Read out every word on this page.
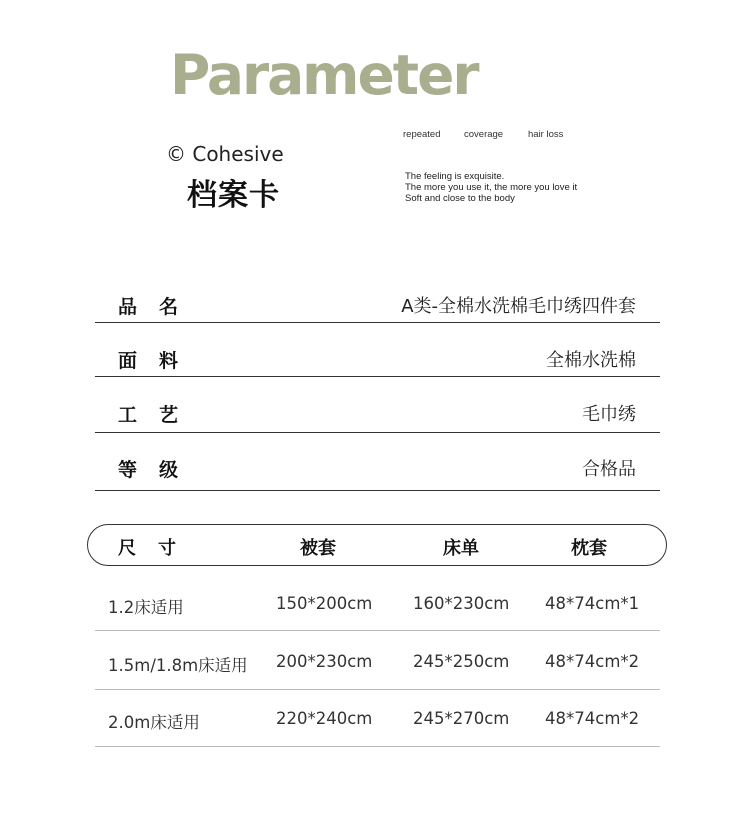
Parameter
© Cohesive
档案卡
repeated coverage	hair loss
The feeling is exquisite.
The more you use it, the more you love it
Soft and close to the body
品名	A类-全棉水洗棉毛巾绣四件套
面料	全棉水洗棉
工艺	毛巾绣
等级	合格品
尺寸	被套	床单	枕套
1.2床适用	150*200cm 160*230cm 48*74cm*1
1.5m/1.8m床适用 200*230cm 245*250cm 48*74cm*2
2.0m床适用	220*240cm 245*270cm 48*74cm*2
